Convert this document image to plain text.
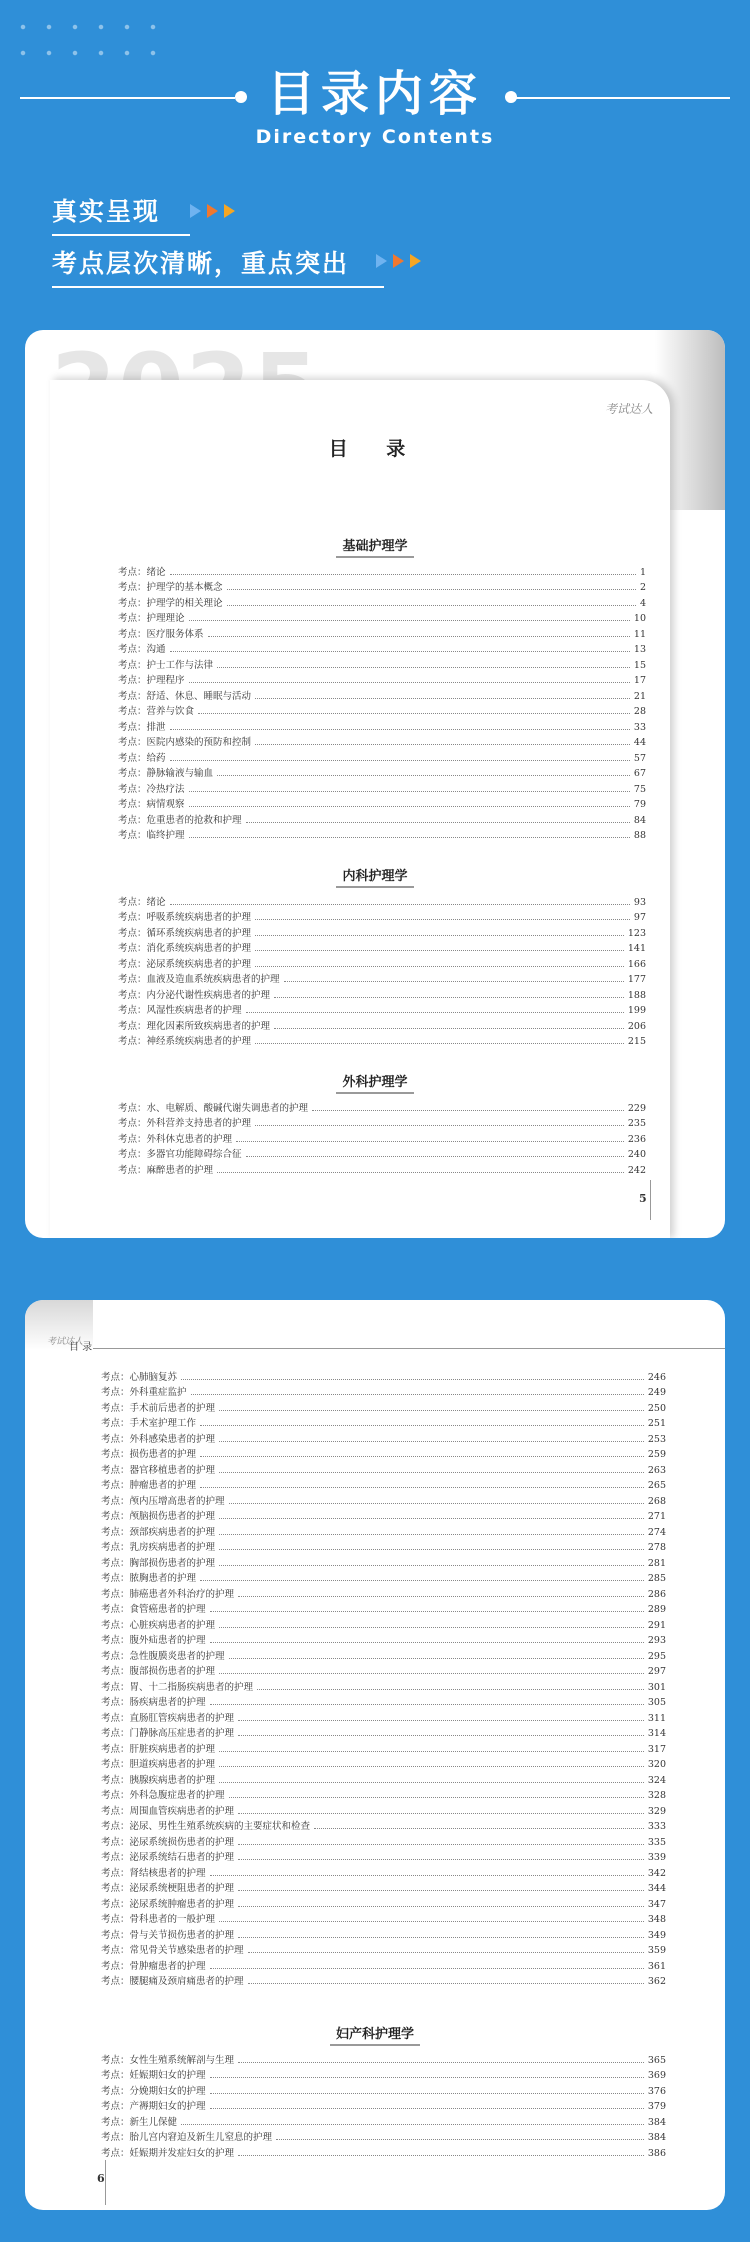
目录内容
Directory Contents
真实呈现
考点层次清晰，重点突出
考试达人
目 录
基础护理学
考点： 绪论	1
考点： 护理学的基本概念	2
考点： 护理学的相关理论	4
考点： 护理理论	10
考点： 医疗服务体系	11
考点： 沟通	13
考点： 护士工作与法律	15
考点： 护理程序	17
考点： 舒适、休息、睡眠与活动	21
考点： 营养与饮食	28
考点： 排泄	33
考点： 医院内感染的预防和控制	44
考点： 给药	57
考点： 静脉输液与输血	67
考点： 冷热疗法	75
考点： 病情观察	79
考点： 危重患者的抢救和护理	84
考点： 临终护理	88
内科护理学
考点： 绪论	93
考点： 呼吸系统疾病患者的护理	97
考点： 循环系统疾病患者的护理	123
考点： 消化系统疾病患者的护理	141
考点： 泌尿系统疾病患者的护理	166
考点： 血液及造血系统疾病患者的护理	177
考点： 内分泌代谢性疾病患者的护理	188
考点： 风湿性疾病患者的护理	199
考点： 理化因素所致疾病患者的护理	206
考点： 神经系统疾病患者的护理	215
外科护理学
考点： 水、电解质、酸碱代谢失调患者的护理	229
考点： 外科营养支持患者的护理	235
考点： 外科休克患者的护理	236
考点： 多器官功能障碍综合征	240
考点： 麻醉患者的护理	242
5
考试达人
目 录
考点： 心肺脑复苏	246
考点： 外科重症监护	249
考点： 手术前后患者的护理	250
考点： 手术室护理工作	251
考点： 外科感染患者的护理	253
考点： 损伤患者的护理	259
考点： 器官移植患者的护理	263
考点： 肿瘤患者的护理	265
考点： 颅内压增高患者的护理	268
考点： 颅脑损伤患者的护理	271
考点： 颈部疾病患者的护理	274
考点： 乳房疾病患者的护理	278
考点： 胸部损伤患者的护理	281
考点： 脓胸患者的护理	285
考点： 肺癌患者外科治疗的护理	286
考点： 食管癌患者的护理	289
考点： 心脏疾病患者的护理	291
考点： 腹外疝患者的护理	293
考点： 急性腹膜炎患者的护理	295
考点： 腹部损伤患者的护理	297
考点： 胃、十二指肠疾病患者的护理	301
考点： 肠疾病患者的护理	305
考点： 直肠肛管疾病患者的护理	311
考点： 门静脉高压症患者的护理	314
考点： 肝脏疾病患者的护理	317
考点： 胆道疾病患者的护理	320
考点： 胰腺疾病患者的护理	324
考点： 外科急腹症患者的护理	328
考点： 周围血管疾病患者的护理	329
考点： 泌尿、男性生殖系统疾病的主要症状和检查	333
考点： 泌尿系统损伤患者的护理	335
考点： 泌尿系统结石患者的护理	339
考点： 肾结核患者的护理	342
考点： 泌尿系统梗阻患者的护理	344
考点： 泌尿系统肿瘤患者的护理	347
考点： 骨科患者的一般护理	348
考点： 骨与关节损伤患者的护理	349
考点： 常见骨关节感染患者的护理	359
考点： 骨肿瘤患者的护理	361
考点： 腰腿痛及颈肩痛患者的护理	362
妇产科护理学
考点： 女性生殖系统解剖与生理	365
考点： 妊娠期妇女的护理	369
考点： 分娩期妇女的护理	376
考点： 产褥期妇女的护理	379
考点： 新生儿保健	384
考点： 胎儿宫内窘迫及新生儿窒息的护理	384
考点： 妊娠期并发症妇女的护理	386
6
